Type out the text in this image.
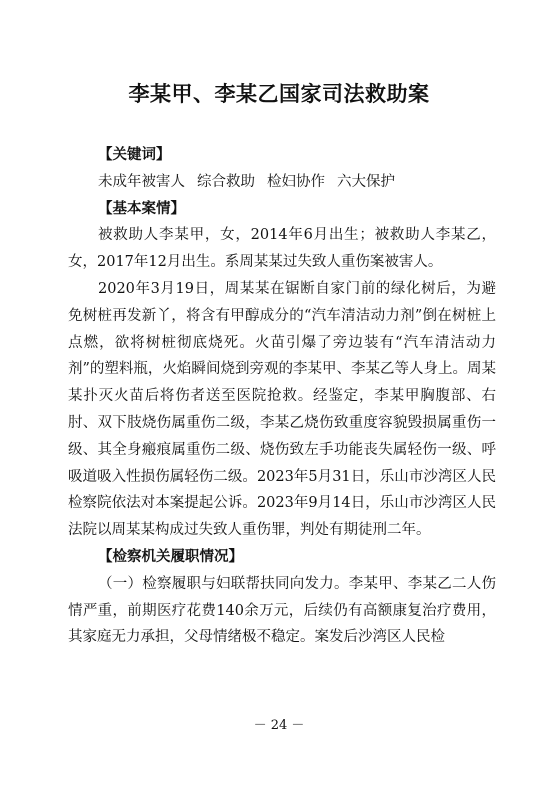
李某甲、李某乙国家司法救助案

【关键词】

未成年被害人 综合救助 检妇协作 六大保护

【基本案情】

被救助人李某甲，女，2014年6月出生；被救助人李某乙，女，2017年12月出生。系周某某过失致人重伤案被害人。

2020年3月19日，周某某在锯断自家门前的绿化树后，为避免树桩再发新丫，将含有甲醇成分的“汽车清洁动力剂”倒在树桩上点燃，欲将树桩彻底烧死。火苗引爆了旁边装有“汽车清洁动力剂”的塑料瓶，火焰瞬间烧到旁观的李某甲、李某乙等人身上。周某某扑灭火苗后将伤者送至医院抢救。经鉴定，李某甲胸腹部、右肘、双下肢烧伤属重伤二级，李某乙烧伤致重度容貌毁损属重伤一级、其全身瘢痕属重伤二级、烧伤致左手功能丧失属轻伤一级、呼吸道吸入性损伤属轻伤二级。2023年5月31日，乐山市沙湾区人民检察院依法对本案提起公诉。2023年9月14日，乐山市沙湾区人民法院以周某某构成过失致人重伤罪，判处有期徒刑二年。

【检察机关履职情况】

（一）检察履职与妇联帮扶同向发力。李某甲、李某乙二人伤情严重，前期医疗花费140余万元，后续仍有高额康复治疗费用，其家庭无力承担，父母情绪极不稳定。案发后沙湾区人民检

－ 24 －
